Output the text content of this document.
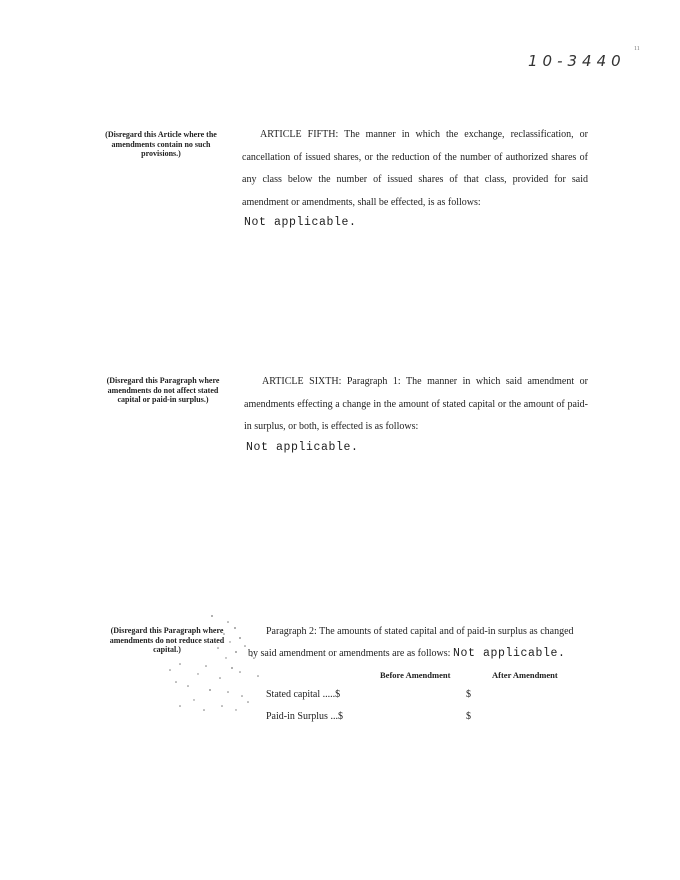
10-3440
11
(Disregard this Article where the amendments contain no such provisions.)
ARTICLE FIFTH: The manner in which the exchange, reclassification, or cancellation of issued shares, or the reduction of the number of authorized shares of any class below the number of issued shares of that class, provided for said amendment or amendments, shall be effected, is as follows:
Not applicable.
(Disregard this Paragraph where amendments do not affect stated capital or paid-in surplus.)
ARTICLE SIXTH: Paragraph 1: The manner in which said amendment or amendments effecting a change in the amount of stated capital or the amount of paid-in surplus, or both, is effected is as follows:
Not applicable.
(Disregard this Paragraph where amendments do not reduce stated capital.)
Paragraph 2: The amounts of stated capital and of paid-in surplus as changed
by said amendment or amendments are as follows: Not applicable.
Before Amendment	After Amendment
Stated capital .....$	$
Paid-in Surplus ...$	$
